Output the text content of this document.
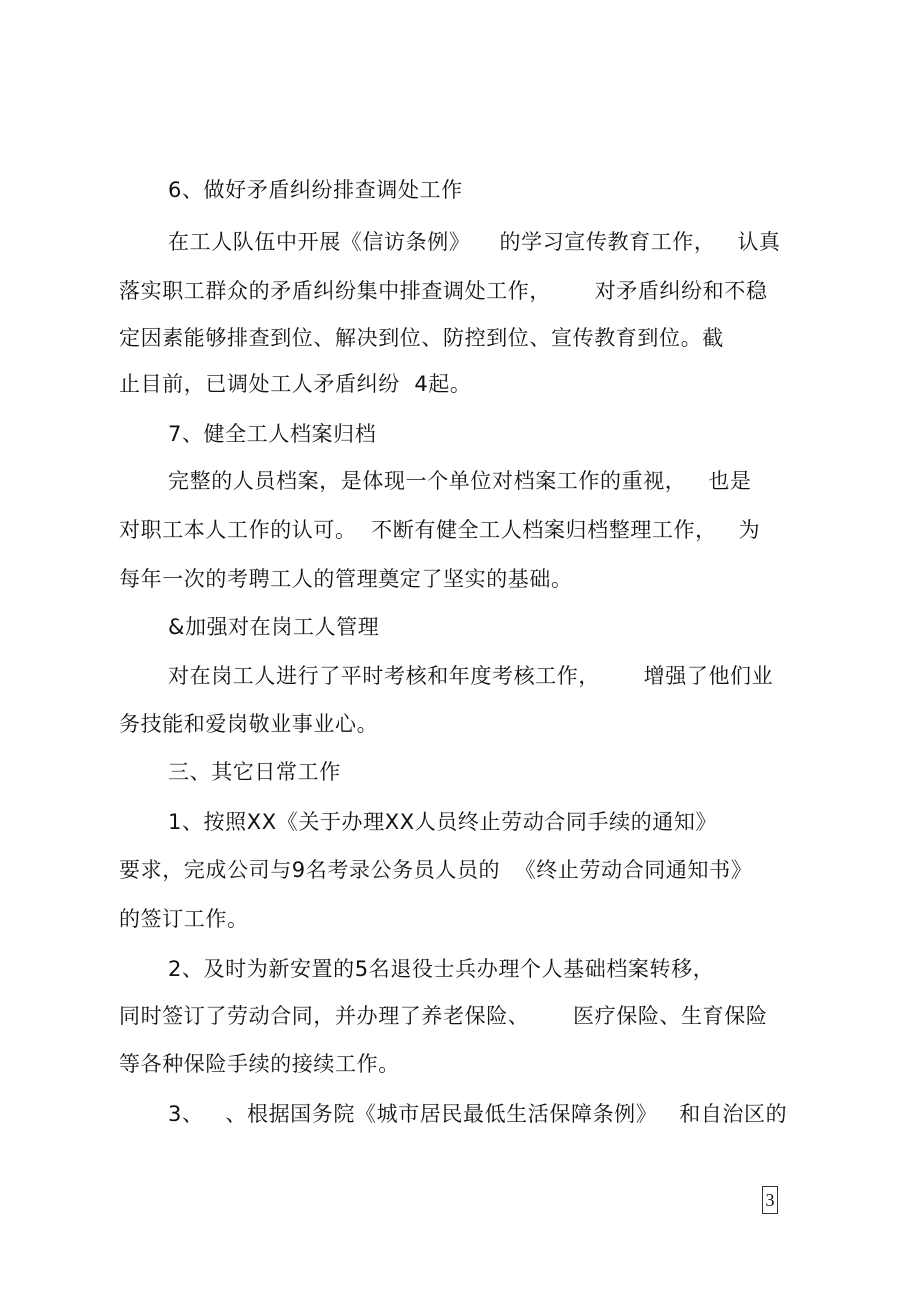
6、做好矛盾纠纷排查调处工作
在工人队伍中开展《信访条例》    的学习宣传教育工作，   认真
落实职工群众的矛盾纠纷集中排查调处工作，      对矛盾纠纷和不稳
定因素能够排查到位、解决到位、防控到位、宣传教育到位。截
止目前，已调处工人矛盾纠纷  4起。
7、健全工人档案归档
完整的人员档案，是体现一个单位对档案工作的重视，   也是
对职工本人工作的认可。  不断有健全工人档案归档整理工作，   为
每年一次的考聘工人的管理奠定了坚实的基础。
&加强对在岗工人管理
对在岗工人进行了平时考核和年度考核工作，      增强了他们业
务技能和爱岗敬业事业心。
三、其它日常工作
1、按照XX《关于办理XX人员终止劳动合同手续的通知》
要求，完成公司与9名考录公务员人员的  《终止劳动合同通知书》
的签订工作。
2、及时为新安置的5名退役士兵办理个人基础档案转移，
同时签订了劳动合同，并办理了养老保险、      医疗保险、生育保险
等各种保险手续的接续工作。
3、   、根据国务院《城市居民最低生活保障条例》   和自治区的
3
